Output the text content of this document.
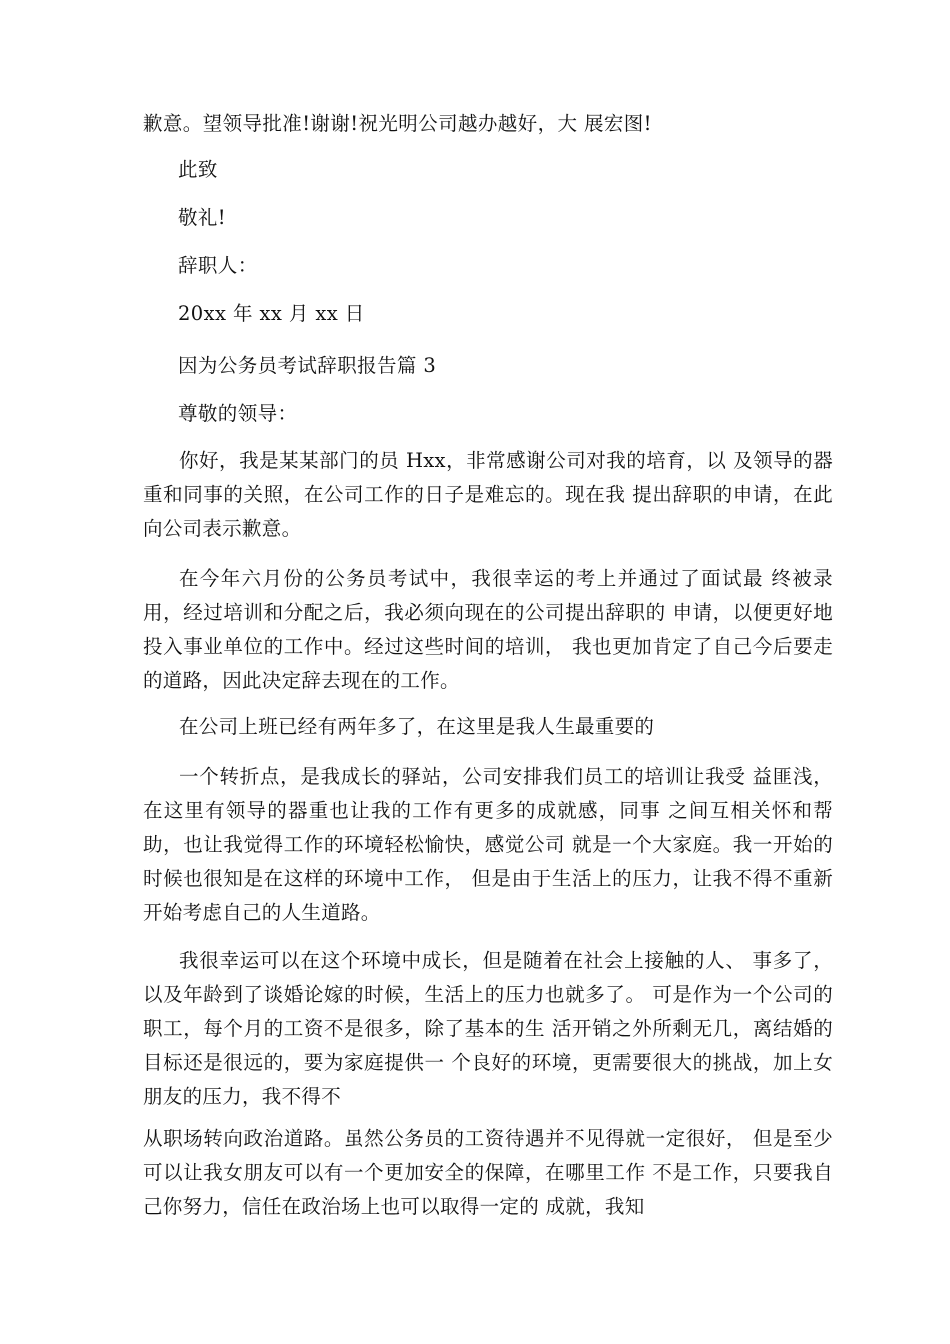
歉意。望领导批准!谢谢!祝光明公司越办越好，大 展宏图!
此致
敬礼!
辞职人：
20xx 年 xx 月 xx 日
因为公务员考试辞职报告篇 3
尊敬的领导：
你好，我是某某部门的员 Hxx，非常感谢公司对我的培育，以 及领导的器重和同事的关照，在公司工作的日子是难忘的。现在我 提出辞职的申请，在此向公司表示歉意。
在今年六月份的公务员考试中，我很幸运的考上并通过了面试最 终被录用，经过培训和分配之后，我必须向现在的公司提出辞职的 申请，以便更好地投入事业单位的工作中。经过这些时间的培训， 我也更加肯定了自己今后要走的道路，因此决定辞去现在的工作。
在公司上班已经有两年多了，在这里是我人生最重要的
一个转折点，是我成长的驿站，公司安排我们员工的培训让我受 益匪浅，在这里有领导的器重也让我的工作有更多的成就感，同事 之间互相关怀和帮助，也让我觉得工作的环境轻松愉快，感觉公司 就是一个大家庭。我一开始的时候也很知是在这样的环境中工作， 但是由于生活上的压力，让我不得不重新开始考虑自己的人生道路。
我很幸运可以在这个环境中成长，但是随着在社会上接触的人、 事多了，以及年龄到了谈婚论嫁的时候，生活上的压力也就多了。 可是作为一个公司的职工，每个月的工资不是很多，除了基本的生 活开销之外所剩无几，离结婚的目标还是很远的，要为家庭提供一 个良好的环境，更需要很大的挑战，加上女朋友的压力，我不得不
从职场转向政治道路。虽然公务员的工资待遇并不见得就一定很好， 但是至少可以让我女朋友可以有一个更加安全的保障，在哪里工作 不是工作，只要我自己你努力，信任在政治场上也可以取得一定的 成就，我知
